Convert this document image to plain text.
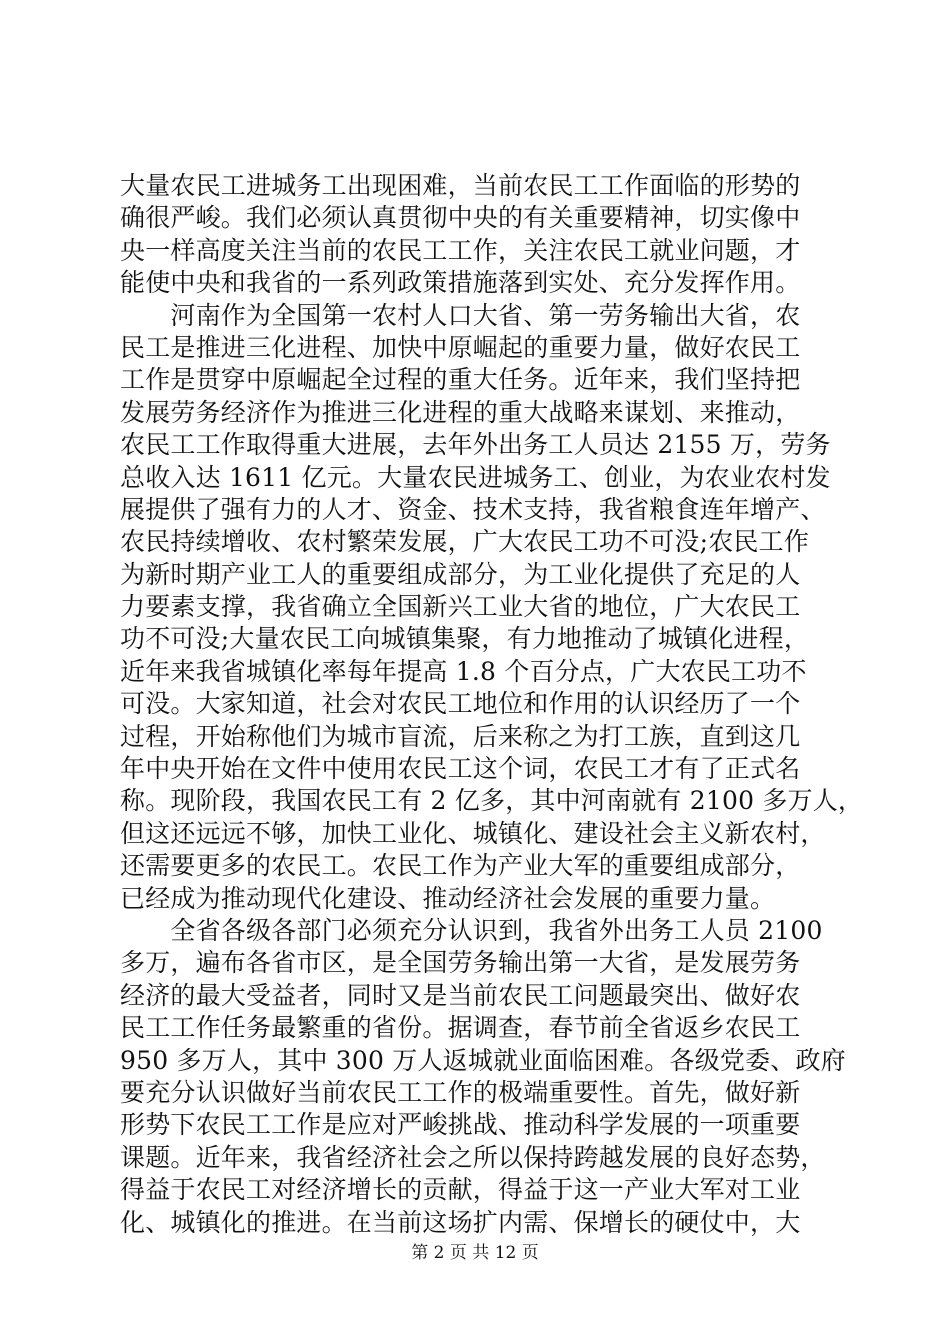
大量农民工进城务工出现困难，当前农民工工作面临的形势的
确很严峻。我们必须认真贯彻中央的有关重要精神，切实像中
央一样高度关注当前的农民工工作，关注农民工就业问题，才
能使中央和我省的一系列政策措施落到实处、充分发挥作用。
　　河南作为全国第一农村人口大省、第一劳务输出大省，农
民工是推进三化进程、加快中原崛起的重要力量，做好农民工
工作是贯穿中原崛起全过程的重大任务。近年来，我们坚持把
发展劳务经济作为推进三化进程的重大战略来谋划、来推动，
农民工工作取得重大进展，去年外出务工人员达 2155 万，劳务
总收入达 1611 亿元。大量农民进城务工、创业，为农业农村发
展提供了强有力的人才、资金、技术支持，我省粮食连年增产、
农民持续增收、农村繁荣发展，广大农民工功不可没;农民工作
为新时期产业工人的重要组成部分，为工业化提供了充足的人
力要素支撑，我省确立全国新兴工业大省的地位，广大农民工
功不可没;大量农民工向城镇集聚，有力地推动了城镇化进程，
近年来我省城镇化率每年提高 1.8 个百分点，广大农民工功不
可没。大家知道，社会对农民工地位和作用的认识经历了一个
过程，开始称他们为城市盲流，后来称之为打工族，直到这几
年中央开始在文件中使用农民工这个词，农民工才有了正式名
称。现阶段，我国农民工有 2 亿多，其中河南就有 2100 多万人，
但这还远远不够，加快工业化、城镇化、建设社会主义新农村，
还需要更多的农民工。农民工作为产业大军的重要组成部分，
已经成为推动现代化建设、推动经济社会发展的重要力量。
　　全省各级各部门必须充分认识到，我省外出务工人员 2100
多万，遍布各省市区，是全国劳务输出第一大省，是发展劳务
经济的最大受益者，同时又是当前农民工问题最突出、做好农
民工工作任务最繁重的省份。据调查，春节前全省返乡农民工
950 多万人，其中 300 万人返城就业面临困难。各级党委、政府
要充分认识做好当前农民工工作的极端重要性。首先，做好新
形势下农民工工作是应对严峻挑战、推动科学发展的一项重要
课题。近年来，我省经济社会之所以保持跨越发展的良好态势，
得益于农民工对经济增长的贡献，得益于这一产业大军对工业
化、城镇化的推进。在当前这场扩内需、保增长的硬仗中，大
第 2 页 共 12 页
